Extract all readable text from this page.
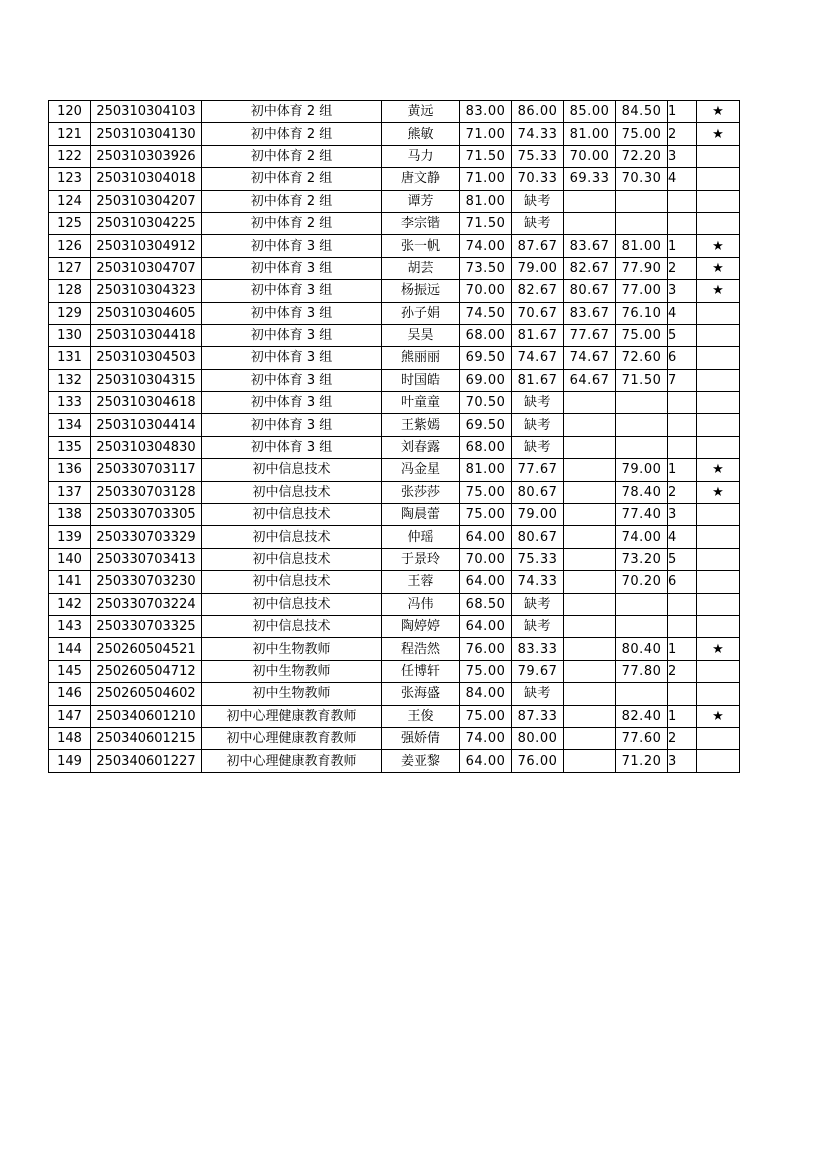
120	250310304103	初中体育 2 组	黄远	83.00	86.00	85.00	84.50	1	★
121	250310304130	初中体育 2 组	熊敏	71.00	74.33	81.00	75.00	2	★
122	250310303926	初中体育 2 组	马力	71.50	75.33	70.00	72.20	3	
123	250310304018	初中体育 2 组	唐文静	71.00	70.33	69.33	70.30	4	
124	250310304207	初中体育 2 组	谭芳	81.00	缺考				
125	250310304225	初中体育 2 组	李宗锴	71.50	缺考				
126	250310304912	初中体育 3 组	张一帆	74.00	87.67	83.67	81.00	1	★
127	250310304707	初中体育 3 组	胡芸	73.50	79.00	82.67	77.90	2	★
128	250310304323	初中体育 3 组	杨振远	70.00	82.67	80.67	77.00	3	★
129	250310304605	初中体育 3 组	孙子娟	74.50	70.67	83.67	76.10	4	
130	250310304418	初中体育 3 组	吴昊	68.00	81.67	77.67	75.00	5	
131	250310304503	初中体育 3 组	熊丽丽	69.50	74.67	74.67	72.60	6	
132	250310304315	初中体育 3 组	时国皓	69.00	81.67	64.67	71.50	7	
133	250310304618	初中体育 3 组	叶童童	70.50	缺考				
134	250310304414	初中体育 3 组	王紫嫣	69.50	缺考				
135	250310304830	初中体育 3 组	刘春露	68.00	缺考				
136	250330703117	初中信息技术	冯金星	81.00	77.67		79.00	1	★
137	250330703128	初中信息技术	张莎莎	75.00	80.67		78.40	2	★
138	250330703305	初中信息技术	陶晨蕾	75.00	79.00		77.40	3	
139	250330703329	初中信息技术	仲瑶	64.00	80.67		74.00	4	
140	250330703413	初中信息技术	于景玲	70.00	75.33		73.20	5	
141	250330703230	初中信息技术	王蓉	64.00	74.33		70.20	6	
142	250330703224	初中信息技术	冯伟	68.50	缺考				
143	250330703325	初中信息技术	陶婷婷	64.00	缺考				
144	250260504521	初中生物教师	程浩然	76.00	83.33		80.40	1	★
145	250260504712	初中生物教师	任博轩	75.00	79.67		77.80	2	
146	250260504602	初中生物教师	张海盛	84.00	缺考				
147	250340601210	初中心理健康教育教师	王俊	75.00	87.33		82.40	1	★
148	250340601215	初中心理健康教育教师	强娇倩	74.00	80.00		77.60	2	
149	250340601227	初中心理健康教育教师	姜亚黎	64.00	76.00		71.20	3	
